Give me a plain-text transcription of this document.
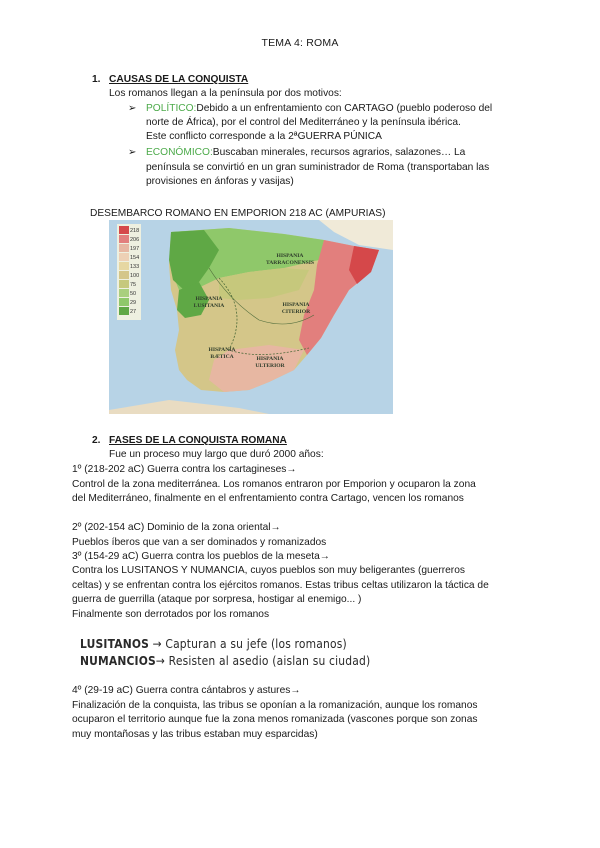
TEMA 4: ROMA
1. CAUSAS DE LA CONQUISTA
Los romanos llegan a la península por dos motivos:
➢ POLÍTICO:Debido a un enfrentamiento con CARTAGO (pueblo poderoso del
norte de África), por el control del Mediterráneo y la península ibérica.
Este conflicto corresponde a la 2ªGUERRA PÚNICA
➢ ECONÓMICO:Buscaban minerales, recursos agrarios, salazones… La
península se convirtió en un gran suministrador de Roma (transportaban las
provisiones en ánforas y vasijas)
DESEMBARCO ROMANO EN EMPORION 218 AC (AMPURIAS)
218
206
197
154
133
100
75
50
29
27
HISPANIA
TARRACONENSIS
HISPANIA
LUSITANIA	HISPANIA
CITERIOR
HISPANIA
BÆTICA	HISPANIA
ULTERIOR
2. FASES DE LA CONQUISTA ROMANA
Fue un proceso muy largo que duró 2000 años:
1º (218-202 aC) Guerra contra los cartagineses→
Control de la zona mediterránea. Los romanos entraron por Emporion y ocuparon la zona
del Mediterráneo, finalmente en el enfrentamiento contra Cartago, vencen los romanos
2º (202-154 aC) Dominio de la zona oriental→
Pueblos íberos que van a ser dominados y romanizados
3º (154-29 aC) Guerra contra los pueblos de la meseta→
Contra los LUSITANOS Y NUMANCIA, cuyos pueblos son muy beligerantes (guerreros
celtas) y se enfrentan contra los ejércitos romanos. Estas tribus celtas utilizaron la táctica de
guerra de guerrilla (ataque por sorpresa, hostigar al enemigo... )
Finalmente son derrotados por los romanos
LUSITANOS → Capturan a su jefe (los romanos)
NUMANCIOS→ Resisten al asedio (aislan su ciudad)
4º (29-19 aC) Guerra contra cántabros y astures→
Finalización de la conquista, las tribus se oponían a la romanización, aunque los romanos
ocuparon el territorio aunque fue la zona menos romanizada (vascones porque son zonas
muy montañosas y las tribus estaban muy esparcidas)
